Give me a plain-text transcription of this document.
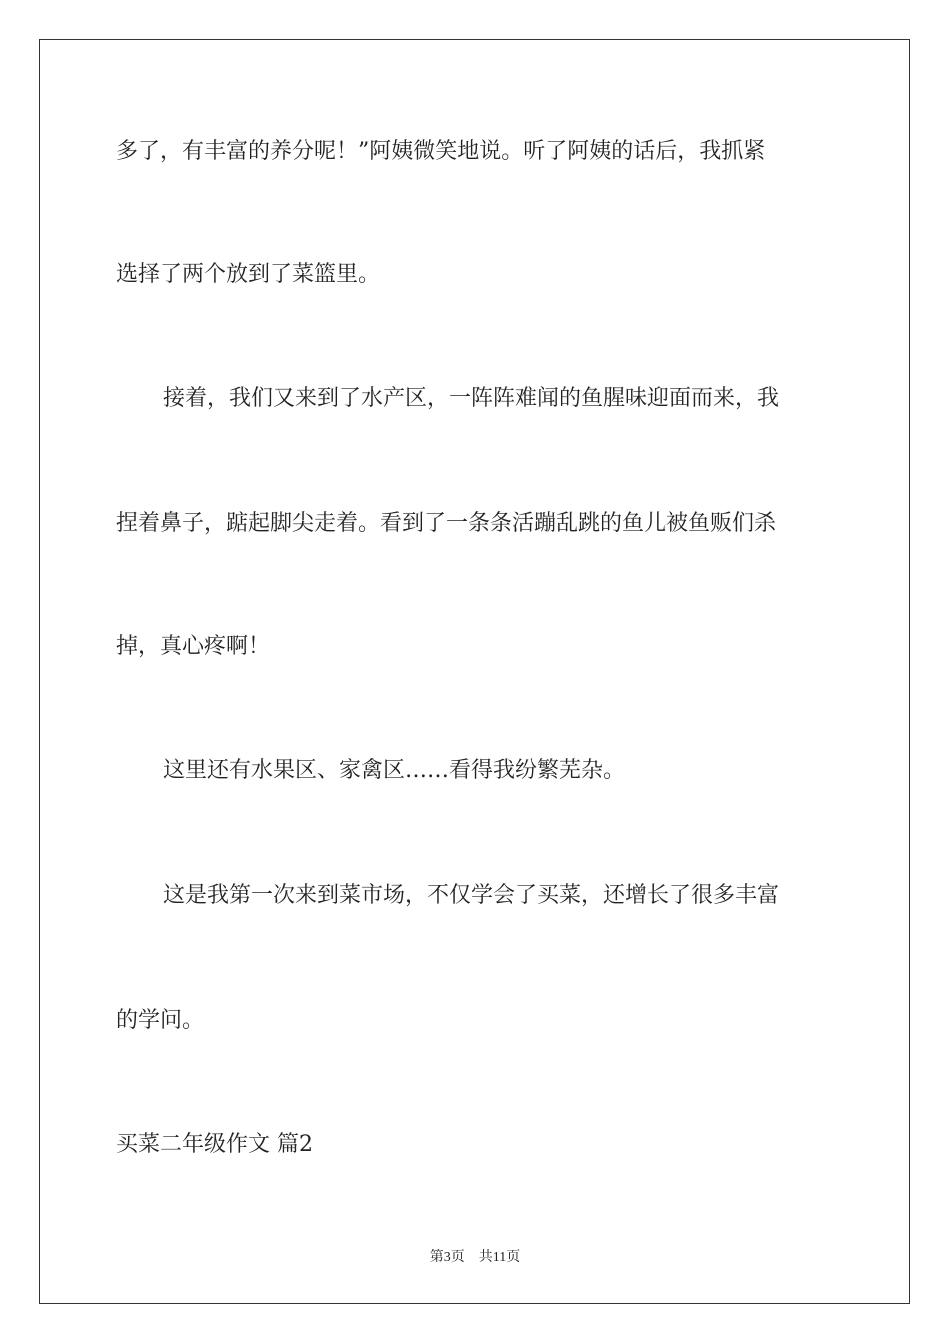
多了，有丰富的养分呢！”阿姨微笑地说。听了阿姨的话后，我抓紧
选择了两个放到了菜篮里。
接着，我们又来到了水产区，一阵阵难闻的鱼腥味迎面而来，我
捏着鼻子，踮起脚尖走着。看到了一条条活蹦乱跳的鱼儿被鱼贩们杀
掉，真心疼啊！
这里还有水果区、家禽区……看得我纷繁芜杂。
这是我第一次来到菜市场，不仅学会了买菜，还增长了很多丰富
的学问。
买菜二年级作文 篇2
第3页　共11页
